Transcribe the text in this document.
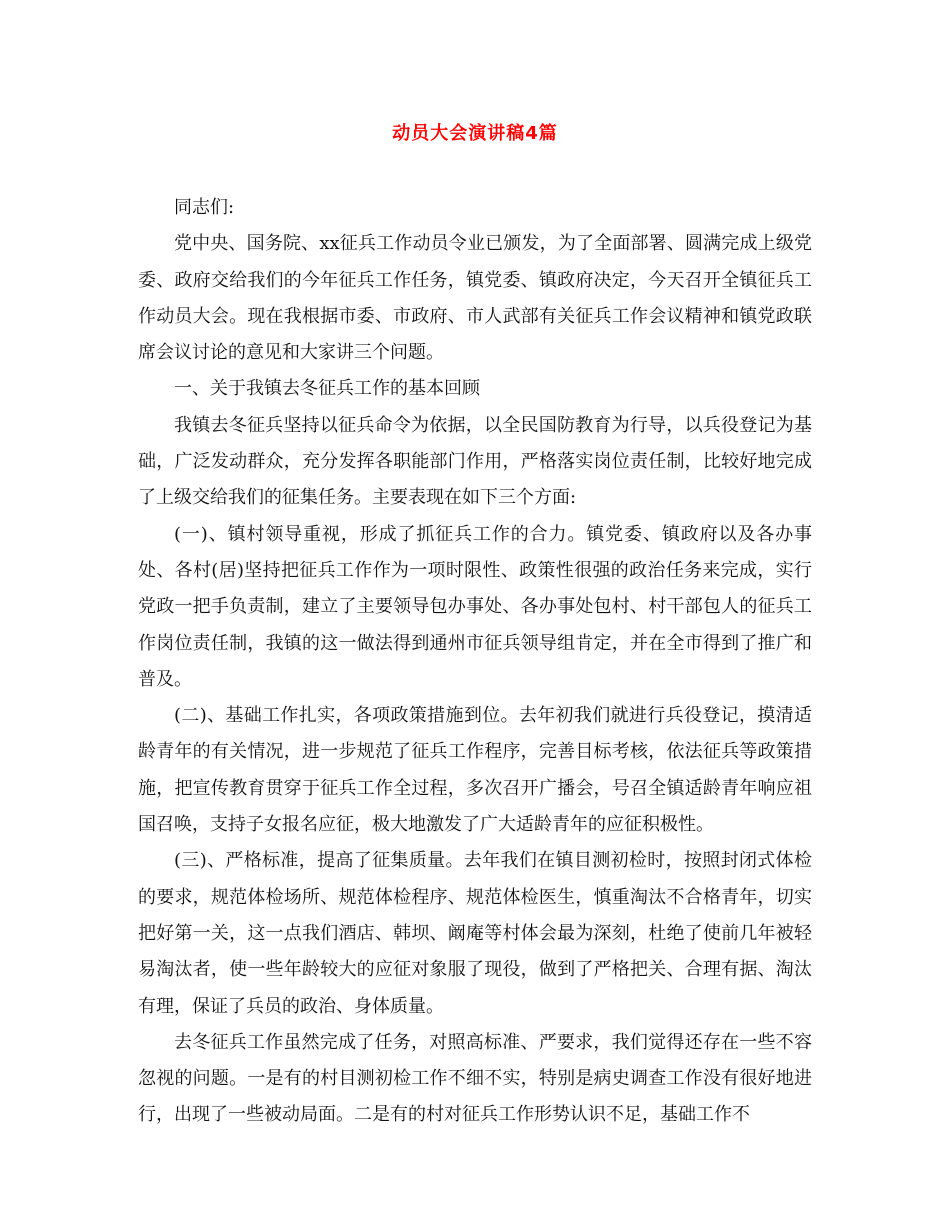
动员大会演讲稿4篇

同志们:

党中央、国务院、xx征兵工作动员令业已颁发，为了全面部署、圆满完成上级党委、政府交给我们的今年征兵工作任务，镇党委、镇政府决定，今天召开全镇征兵工作动员大会。现在我根据市委、市政府、市人武部有关征兵工作会议精神和镇党政联席会议讨论的意见和大家讲三个问题。

一、关于我镇去冬征兵工作的基本回顾

我镇去冬征兵坚持以征兵命令为依据，以全民国防教育为行导，以兵役登记为基础，广泛发动群众，充分发挥各职能部门作用，严格落实岗位责任制，比较好地完成了上级交给我们的征集任务。主要表现在如下三个方面:

(一)、镇村领导重视，形成了抓征兵工作的合力。镇党委、镇政府以及各办事处、各村(居)坚持把征兵工作作为一项时限性、政策性很强的政治任务来完成，实行党政一把手负责制，建立了主要领导包办事处、各办事处包村、村干部包人的征兵工作岗位责任制，我镇的这一做法得到通州市征兵领导组肯定，并在全市得到了推广和普及。

(二)、基础工作扎实，各项政策措施到位。去年初我们就进行兵役登记，摸清适龄青年的有关情况，进一步规范了征兵工作程序，完善目标考核，依法征兵等政策措施，把宣传教育贯穿于征兵工作全过程，多次召开广播会，号召全镇适龄青年响应祖国召唤，支持子女报名应征，极大地激发了广大适龄青年的应征积极性。

(三)、严格标准，提高了征集质量。去年我们在镇目测初检时，按照封闭式体检的要求，规范体检场所、规范体检程序、规范体检医生，慎重淘汰不合格青年，切实把好第一关，这一点我们酒店、韩坝、阚庵等村体会最为深刻，杜绝了使前几年被轻易淘汰者，使一些年龄较大的应征对象服了现役，做到了严格把关、合理有据、淘汰有理，保证了兵员的政治、身体质量。

去冬征兵工作虽然完成了任务，对照高标准、严要求，我们觉得还存在一些不容忽视的问题。一是有的村目测初检工作不细不实，特别是病史调查工作没有很好地进行，出现了一些被动局面。二是有的村对征兵工作形势认识不足，基础工作不
